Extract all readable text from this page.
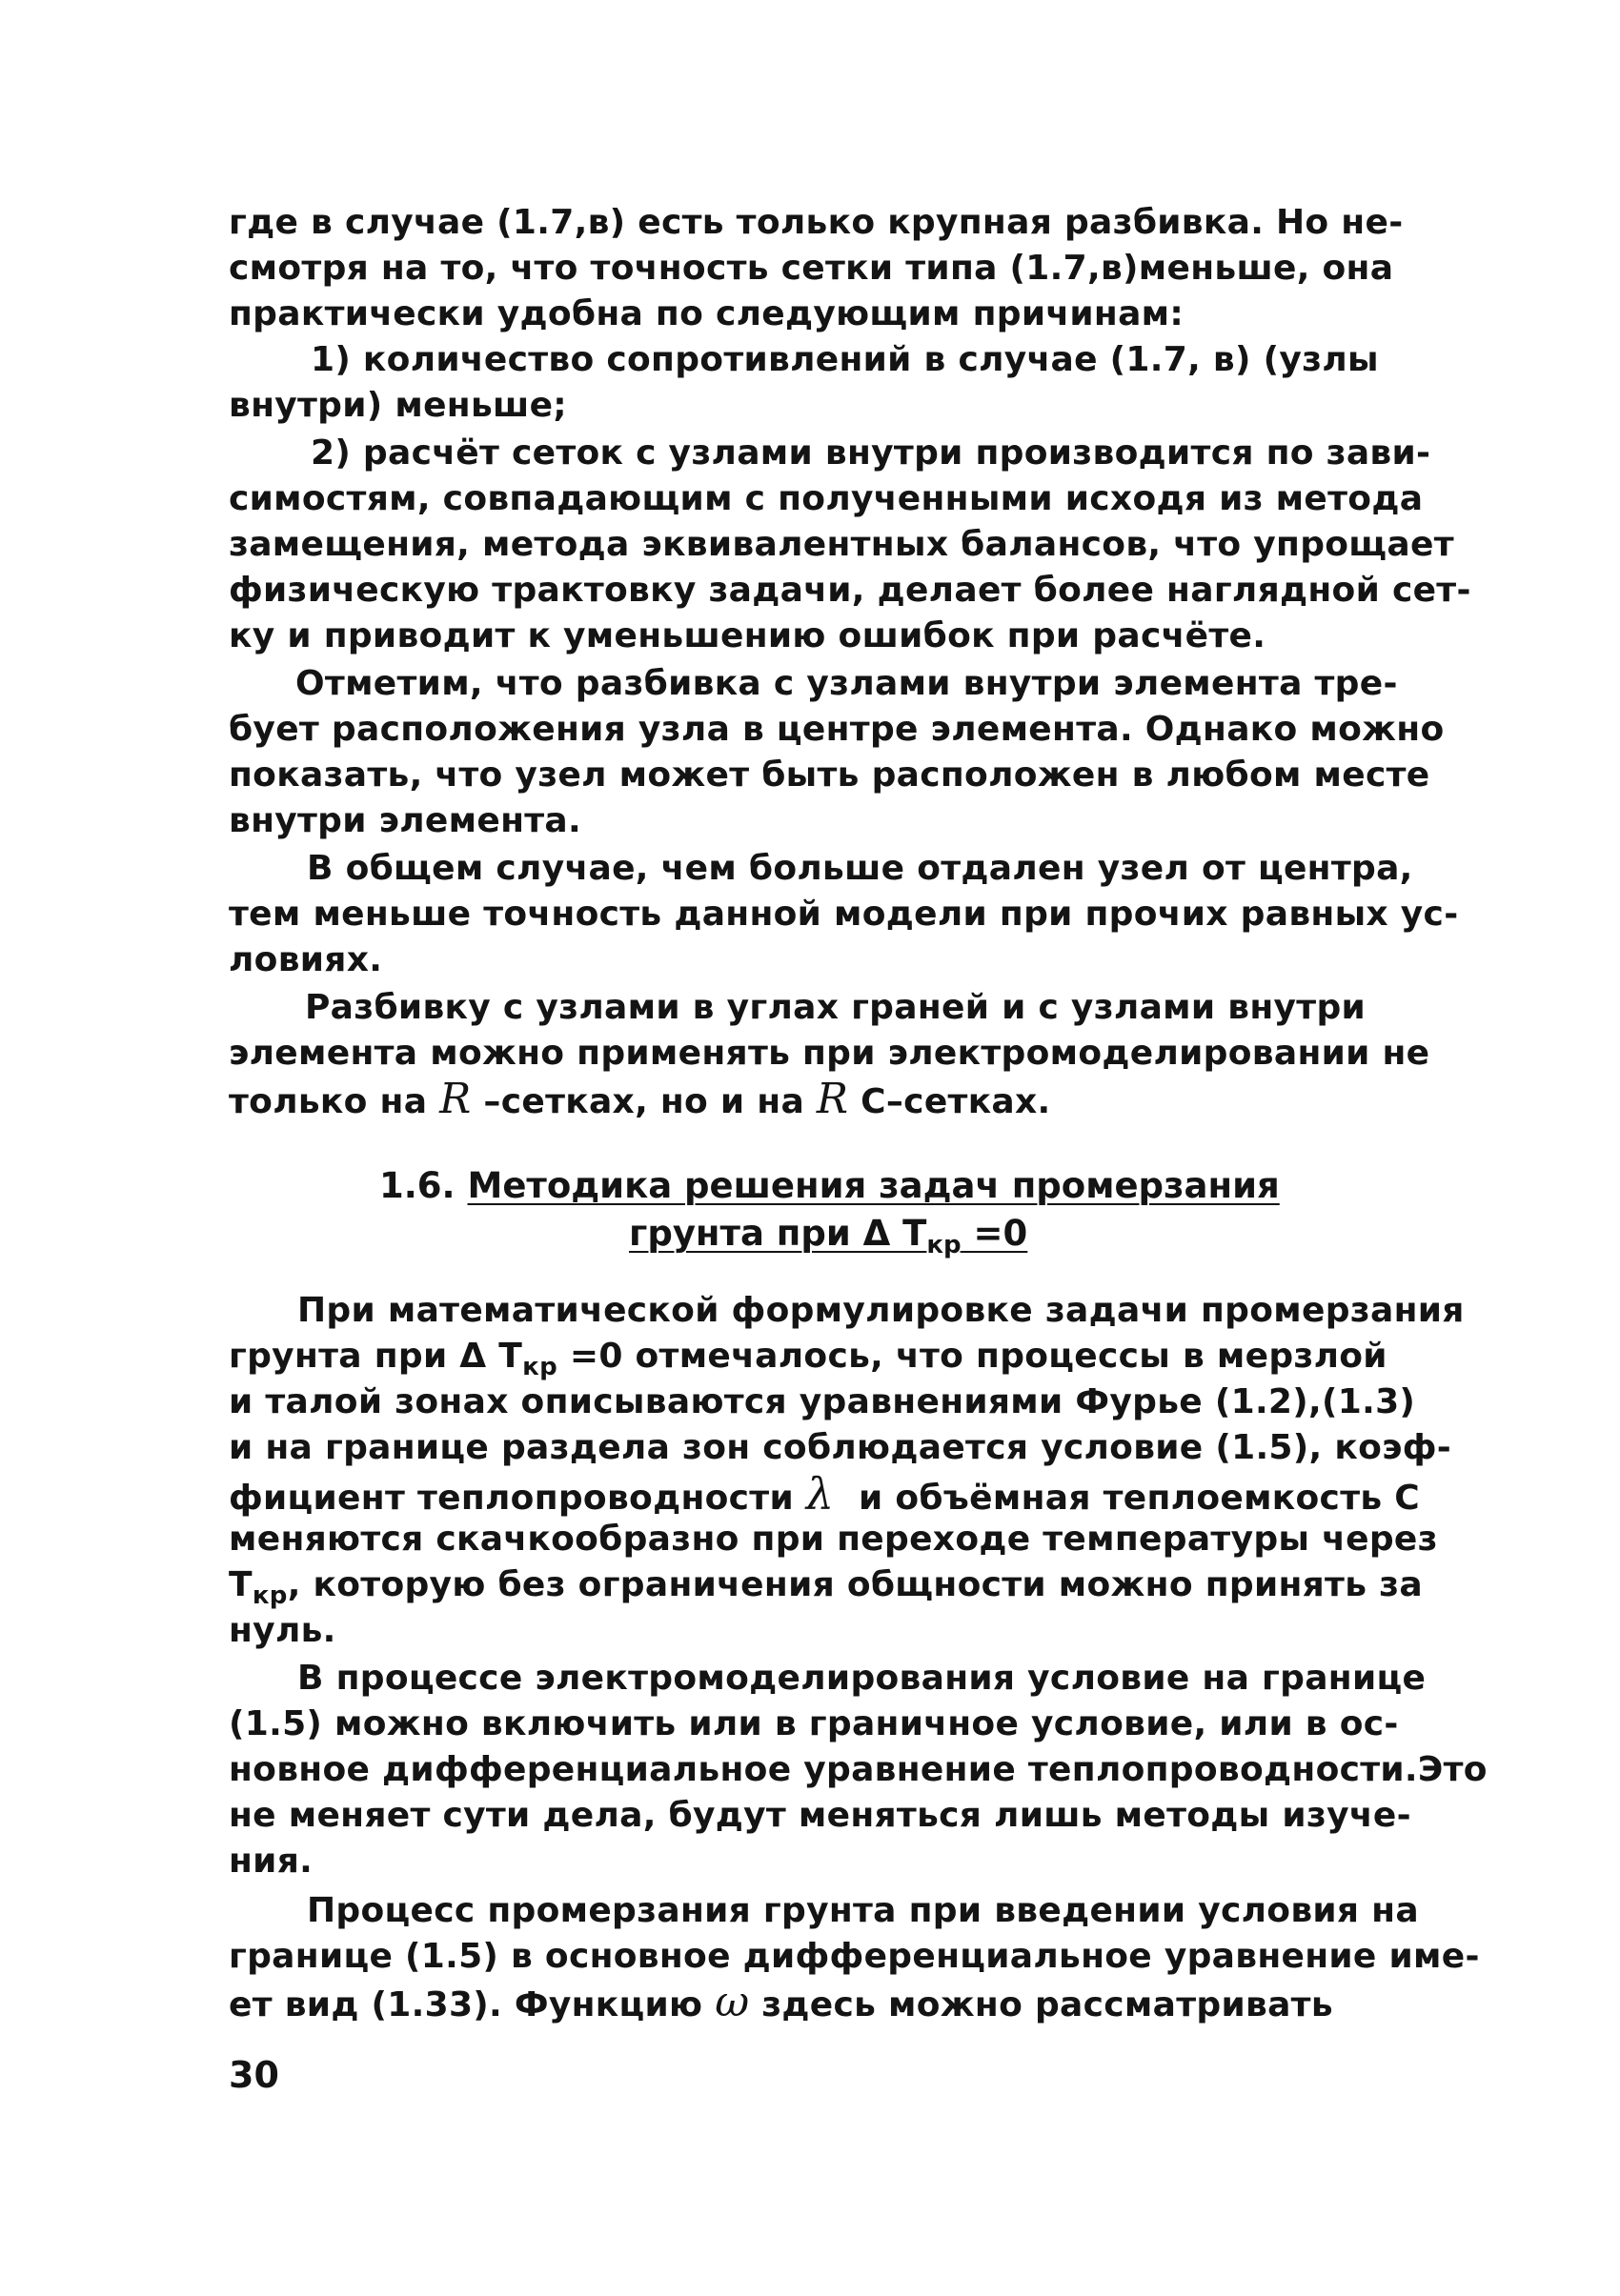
где в случае (1.7,в) есть только крупная разбивка. Но не-
смотря на то, что точность сетки типа (1.7,в)меньше, она
практически удобна по следующим причинам:
1) количество сопротивлений в случае (1.7, в) (узлы
внутри) меньше;
2) расчёт сеток с узлами внутри производится по зави-
симостям, совпадающим с полученными исходя из метода
замещения, метода эквивалентных балансов, что упрощает
физическую трактовку задачи, делает более наглядной сет-
ку и приводит к уменьшению ошибок при расчёте.
Отметим, что разбивка с узлами внутри элемента тре-
бует расположения узла в центре элемента. Однако можно
показать, что узел может быть расположен в любом месте
внутри элемента.
В общем случае, чем больше отдален узел от центра,
тем меньше точность данной модели при прочих равных ус-
ловиях.
Разбивку с узлами в углах граней и с узлами внутри
элемента можно применять при электромоделировании не
только на R –сетках, но и на R C–сетках.
1.6. Методика решения задач промерзания
грунта при Δ $T_{кр} =0$
При математической формулировке задачи промерзания
грунта при Δ $T_{кр} =0$ отмечалось, что процессы в мерзлой
и талой зонах описываются уравнениями Фурье (1.2),(1.3)
и на границе раздела зон соблюдается условие (1.5), коэф-
фициент теплопроводности λ  и объёмная теплоемкость С
меняются скачкообразно при переходе температуры через
$T_{кр}$, которую без ограничения общности можно принять за
нуль.
В процессе электромоделирования условие на границе
(1.5) можно включить или в граничное условие, или в ос-
новное дифференциальное уравнение теплопроводности.Это
не меняет сути дела, будут меняться лишь методы изуче-
ния.
Процесс промерзания грунта при введении условия на
границе (1.5) в основное дифференциальное уравнение име-
ет вид (1.33). Функцию ω здесь можно рассматривать
30
